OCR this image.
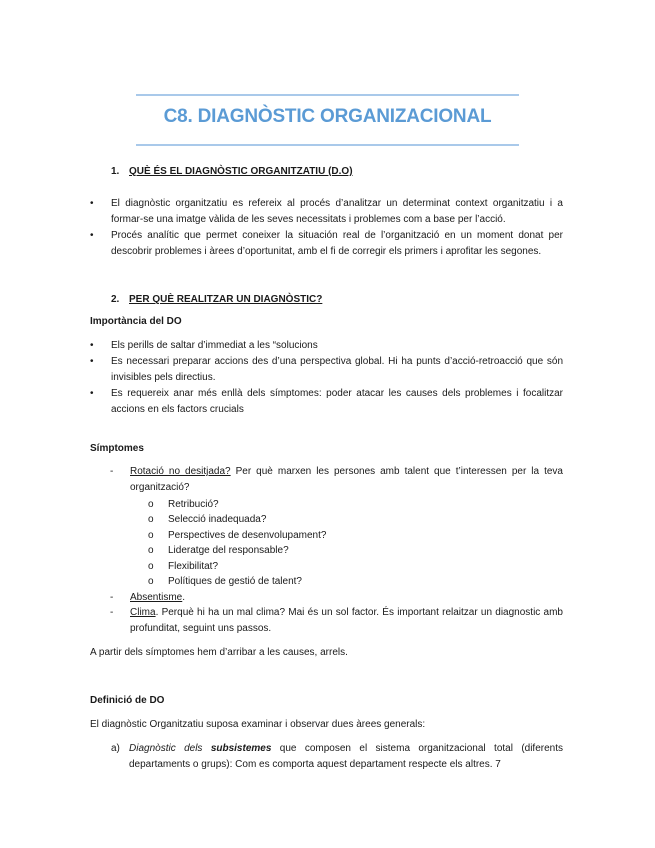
C8. DIAGNÒSTIC ORGANIZACIONAL
1. QUÈ ÉS EL DIAGNÒSTIC ORGANITZATIU (D.O)
• El diagnòstic organitzatiu es refereix al procés d’analitzar un determinat context organitzatiu i a formar-se una imatge vàlida de les seves necessitats i problemes com a base per l’acció.
• Procés analític que permet coneixer la situación real de l’organització en un moment donat per descobrir problemes i àrees d’oportunitat, amb el fi de corregir els primers i aprofitar les segones.
2. PER QUÈ REALITZAR UN DIAGNÒSTIC?
Importància del DO
• Els perills de saltar d’immediat a les “solucions
• Es necessari preparar accions des d’una perspectiva global. Hi ha punts d’acció-retroacció que són invisibles pels directius.
• Es requereix anar més enllà dels símptomes: poder atacar les causes dels problemes i focalitzar accions en els factors crucials
Símptomes
- Rotació no desitjada? Per què marxen les persones amb talent que t’interessen per la teva organització?
o Retribució?
o Selecció inadequada?
o Perspectives de desenvolupament?
o Lideratge del responsable?
o Flexibilitat?
o Polítiques de gestió de talent?
- Absentisme.
- Clima. Perquè hi ha un mal clima? Mai és un sol factor. És important relaitzar un diagnostic amb profunditat, seguint uns passos.
A partir dels símptomes hem d’arribar a les causes, arrels.
Definició de DO
El diagnòstic Organitzatiu suposa examinar i observar dues àrees generals:
a) Diagnòstic dels subsistemes que composen el sistema organitzacional total (diferents departaments o grups): Com es comporta aquest departament respecte els altres. 7
